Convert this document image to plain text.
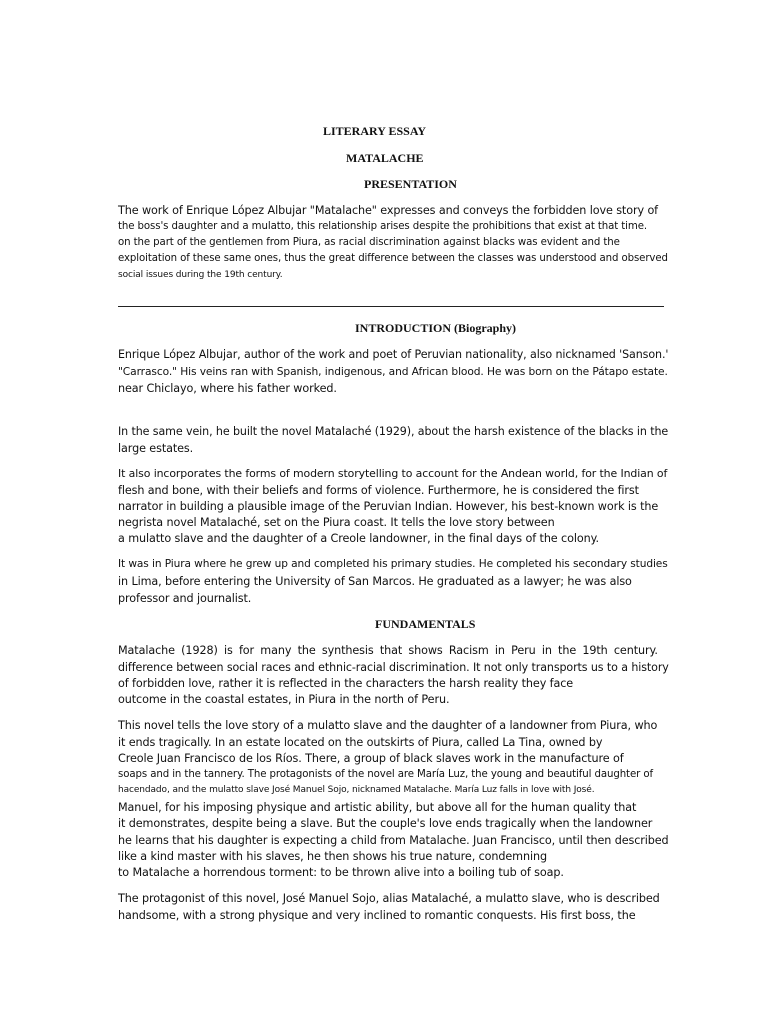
LITERARY ESSAY
MATALACHE
PRESENTATION
The work of Enrique López Albujar "Matalache" expresses and conveys the forbidden love story of
the boss's daughter and a mulatto, this relationship arises despite the prohibitions that exist at that time.
on the part of the gentlemen from Piura, as racial discrimination against blacks was evident and the
exploitation of these same ones, thus the great difference between the classes was understood and observed
social issues during the 19th century.
INTRODUCTION (Biography)
Enrique López Albujar, author of the work and poet of Peruvian nationality, also nicknamed 'Sanson.'
"Carrasco." His veins ran with Spanish, indigenous, and African blood. He was born on the Pátapo estate.
near Chiclayo, where his father worked.
In the same vein, he built the novel Matalaché (1929), about the harsh existence of the blacks in the
large estates.
It also incorporates the forms of modern storytelling to account for the Andean world, for the Indian of
flesh and bone, with their beliefs and forms of violence. Furthermore, he is considered the first
narrator in building a plausible image of the Peruvian Indian. However, his best-known work is the
negrista novel Matalaché, set on the Piura coast. It tells the love story between
a mulatto slave and the daughter of a Creole landowner, in the final days of the colony.
It was in Piura where he grew up and completed his primary studies. He completed his secondary studies
in Lima, before entering the University of San Marcos. He graduated as a lawyer; he was also
professor and journalist.
FUNDAMENTALS
Matalache (1928) is for many the synthesis that shows Racism in Peru in the 19th century.
difference between social races and ethnic-racial discrimination. It not only transports us to a history
of forbidden love, rather it is reflected in the characters the harsh reality they face
outcome in the coastal estates, in Piura in the north of Peru.
This novel tells the love story of a mulatto slave and the daughter of a landowner from Piura, who
it ends tragically. In an estate located on the outskirts of Piura, called La Tina, owned by
Creole Juan Francisco de los Ríos. There, a group of black slaves work in the manufacture of
soaps and in the tannery. The protagonists of the novel are María Luz, the young and beautiful daughter of
hacendado, and the mulatto slave José Manuel Sojo, nicknamed Matalache. María Luz falls in love with José.
Manuel, for his imposing physique and artistic ability, but above all for the human quality that
it demonstrates, despite being a slave. But the couple's love ends tragically when the landowner
he learns that his daughter is expecting a child from Matalache. Juan Francisco, until then described
like a kind master with his slaves, he then shows his true nature, condemning
to Matalache a horrendous torment: to be thrown alive into a boiling tub of soap.
The protagonist of this novel, José Manuel Sojo, alias Matalaché, a mulatto slave, who is described
handsome, with a strong physique and very inclined to romantic conquests. His first boss, the
